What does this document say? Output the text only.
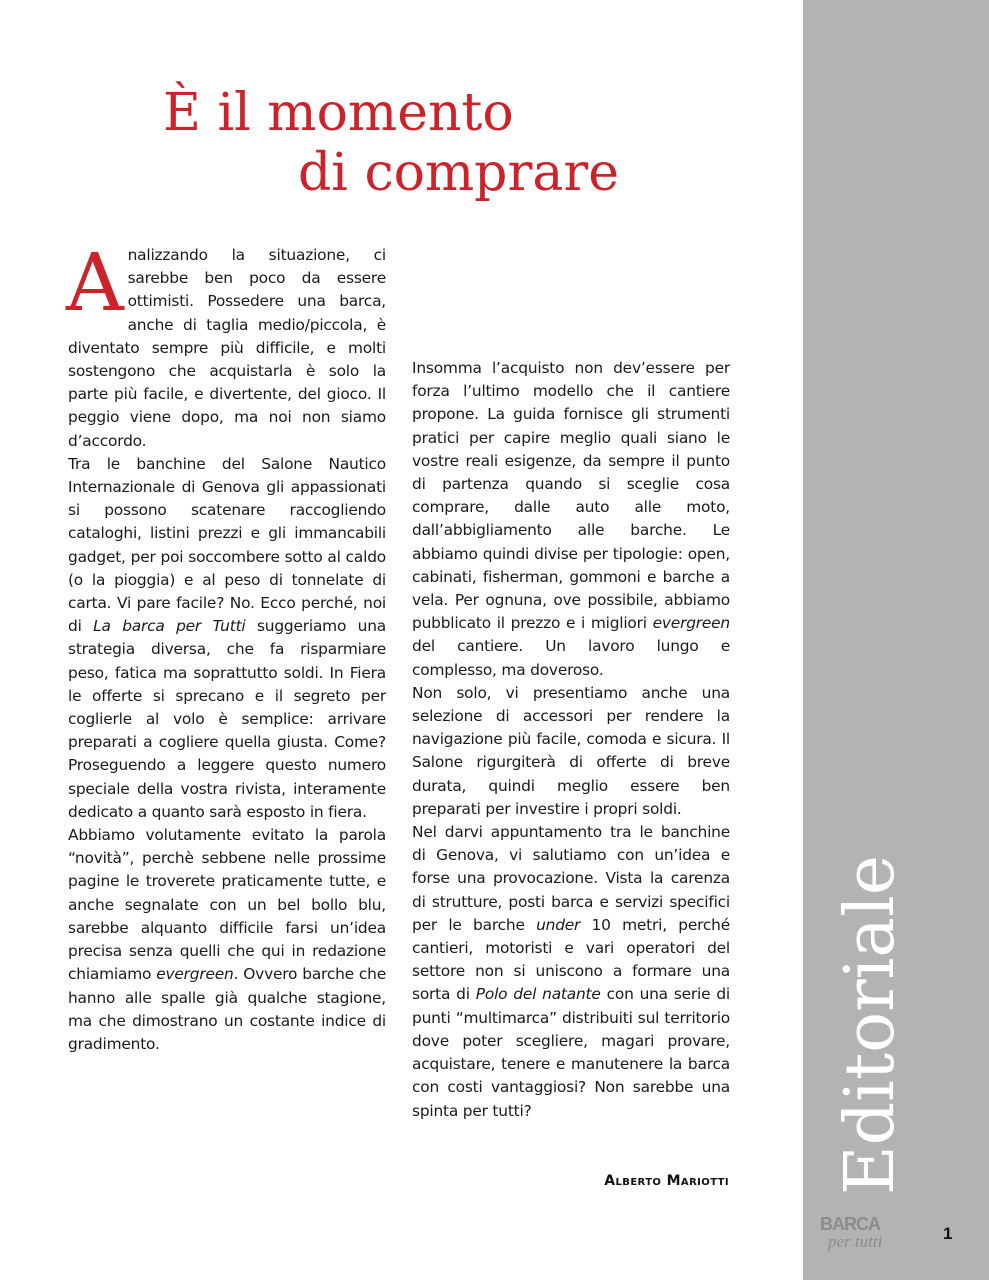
Editoriale
BARCA
per tutti	1
È il momento
di comprare

Analizzando la situazione, ci sarebbe ben poco da essere ottimisti. Possedere una barca, anche di taglia medio/piccola, è diventato sempre più difficile, e molti sostengono che acquistarla è solo la parte più facile, e divertente, del gioco. Il peggio viene dopo, ma noi non siamo d’accordo.

Tra le banchine del Salone Nautico Internazionale di Genova gli appassionati si possono scatenare raccogliendo cataloghi, listini prezzi e gli immancabili gadget, per poi soccombere sotto al caldo (o la pioggia) e al peso di tonnelate di carta. Vi pare facile? No. Ecco perché, noi di La barca per Tutti suggeriamo una strategia diversa, che fa risparmiare peso, fatica ma soprattutto soldi. In Fiera le offerte si sprecano e il segreto per coglierle al volo è semplice: arrivare preparati a cogliere quella giusta. Come? Proseguendo a leggere questo numero speciale della vostra rivista, interamente dedicato a quanto sarà esposto in fiera.

Abbiamo volutamente evitato la parola “novità”, perchè sebbene nelle prossime pagine le troverete praticamente tutte, e anche segnalate con un bel bollo blu, sarebbe alquanto difficile farsi un’idea precisa senza quelli che qui in redazione chiamiamo evergreen. Ovvero barche che hanno alle spalle già qualche stagione, ma che dimostrano un costante indice di gradimento.

Insomma l’acquisto non dev’essere per forza l’ultimo modello che il cantiere propone. La guida fornisce gli strumenti pratici per capire meglio quali siano le vostre reali esigenze, da sempre il punto di partenza quando si sceglie cosa comprare, dalle auto alle moto, dall’abbigliamento alle barche. Le abbiamo quindi divise per tipologie: open, cabinati, fisherman, gommoni e barche a vela. Per ognuna, ove possibile, abbiamo pubblicato il prezzo e i migliori evergreen del cantiere. Un lavoro lungo e complesso, ma doveroso.

Non solo, vi presentiamo anche una selezione di accessori per rendere la navigazione più facile, comoda e sicura. Il Salone rigurgiterà di offerte di breve durata, quindi meglio essere ben preparati per investire i propri soldi.

Nel darvi appuntamento tra le banchine di Genova, vi salutiamo con un’idea e forse una provocazione. Vista la carenza di strutture, posti barca e servizi specifici per le barche under 10 metri, perché cantieri, motoristi e vari operatori del settore non si uniscono a formare una sorta di Polo del natante con una serie di punti “multimarca” distribuiti sul territorio dove poter scegliere, magari provare, acquistare, tenere e manutenere la barca con costi vantaggiosi? Non sarebbe una spinta per tutti?

Alberto Mariotti
